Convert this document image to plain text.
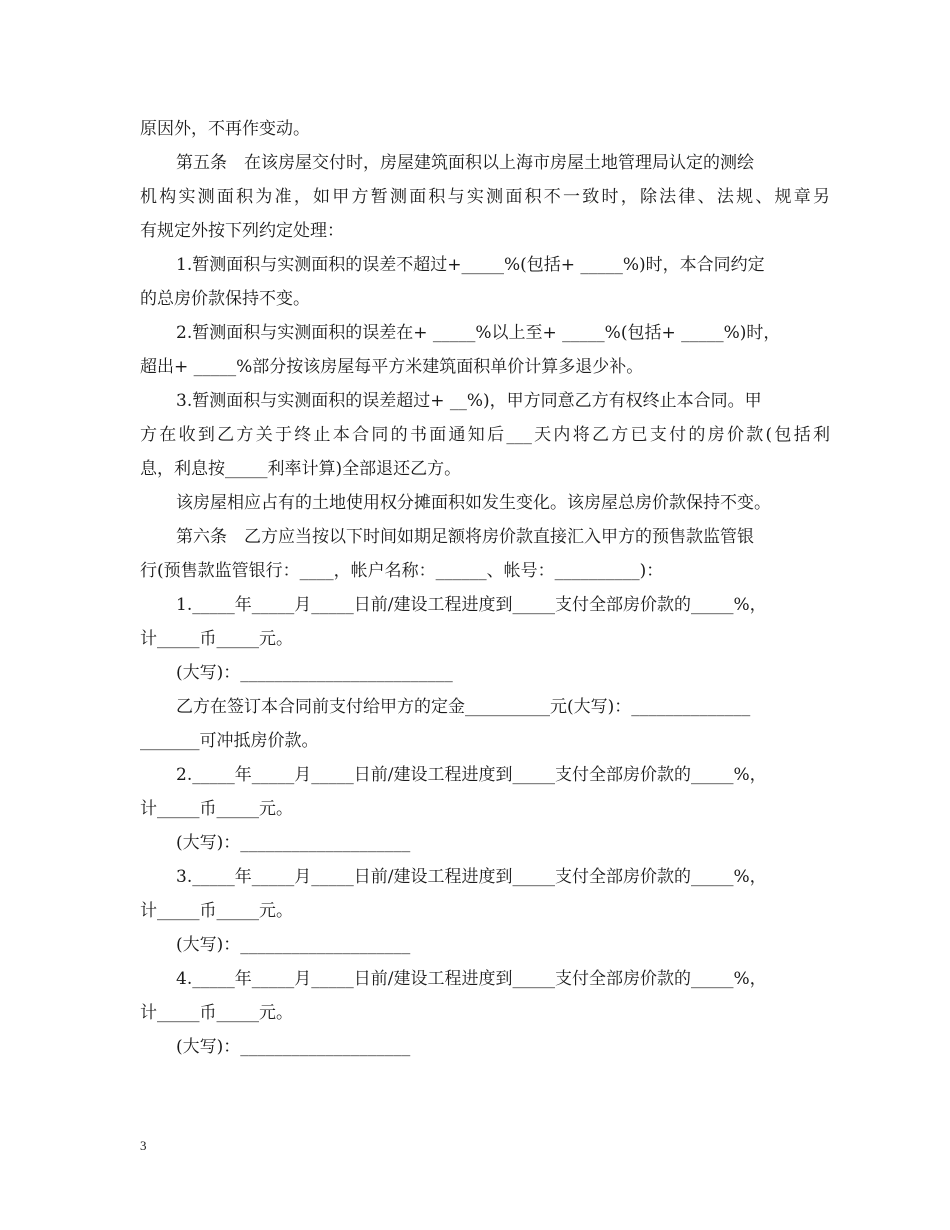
原因外，不再作变动。
第五条　在该房屋交付时，房屋建筑面积以上海市房屋土地管理局认定的测绘
机构实测面积为准，如甲方暂测面积与实测面积不一致时，除法律、法规、规章另
有规定外按下列约定处理：
1.暂测面积与实测面积的误差不超过+_____%(包括+ _____%)时，本合同约定
的总房价款保持不变。
2.暂测面积与实测面积的误差在+ _____%以上至+ _____%(包括+ _____%)时，
超出+ _____%部分按该房屋每平方米建筑面积单价计算多退少补。
3.暂测面积与实测面积的误差超过+ __%)，甲方同意乙方有权终止本合同。甲
方在收到乙方关于终止本合同的书面通知后___天内将乙方已支付的房价款(包括利
息，利息按_____利率计算)全部退还乙方。
该房屋相应占有的土地使用权分摊面积如发生变化。该房屋总房价款保持不变。
第六条　乙方应当按以下时间如期足额将房价款直接汇入甲方的预售款监管银
行(预售款监管银行：____，帐户名称：______、帐号：__________)：
1._____年_____月_____日前/建设工程进度到_____支付全部房价款的_____%，
计_____币_____元。
(大写)：_________________________
乙方在签订本合同前支付给甲方的定金__________元(大写)：______________
_______可冲抵房价款。
2._____年_____月_____日前/建设工程进度到_____支付全部房价款的_____%，
计_____币_____元。
(大写)：____________________
3._____年_____月_____日前/建设工程进度到_____支付全部房价款的_____%，
计_____币_____元。
(大写)：____________________
4._____年_____月_____日前/建设工程进度到_____支付全部房价款的_____%，
计_____币_____元。
(大写)：____________________
3
